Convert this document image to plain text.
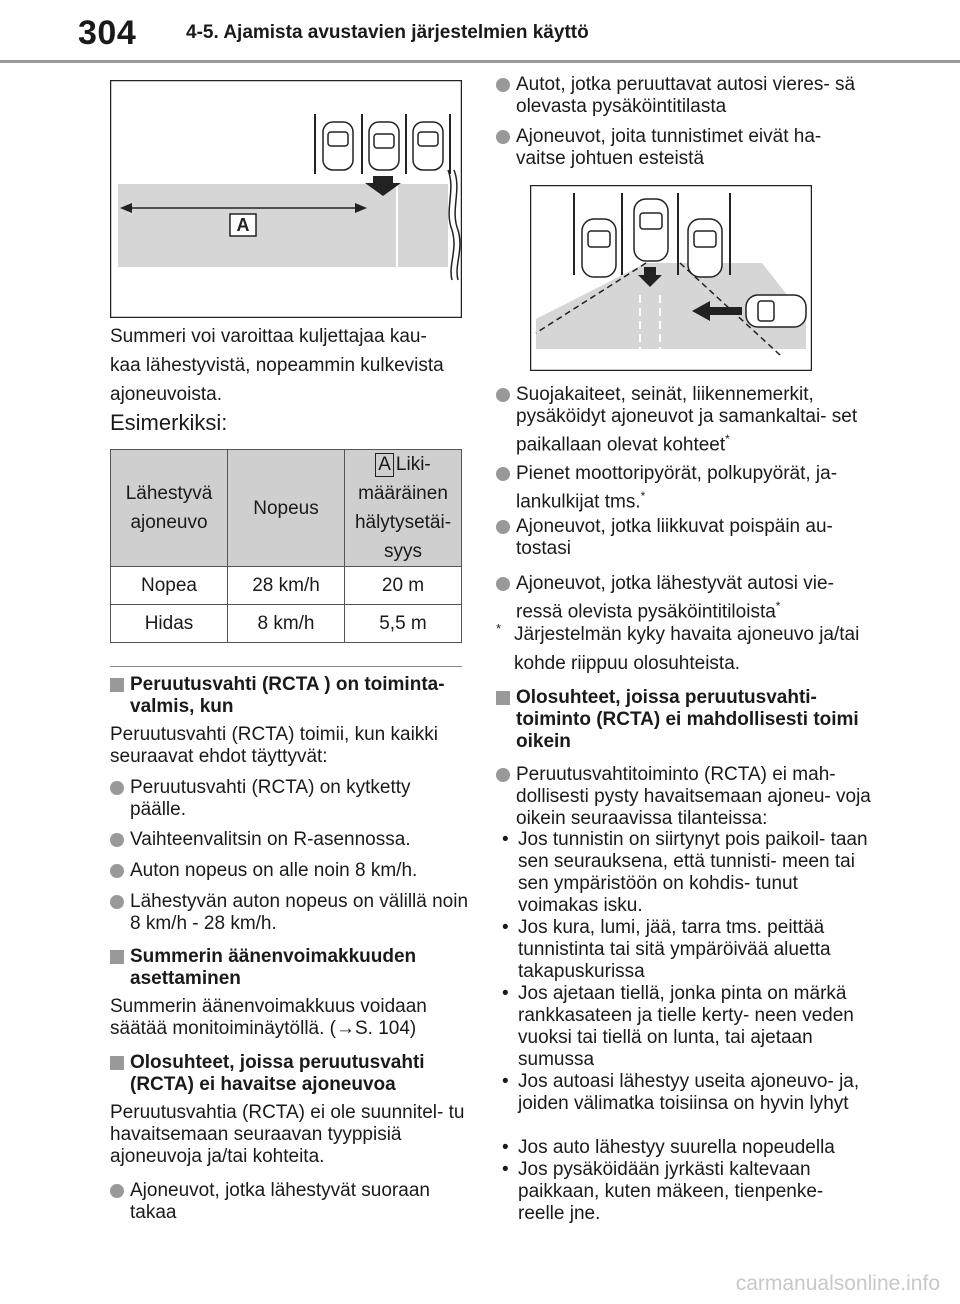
304	4-5. Ajamista avustavien järjestelmien käyttö
A
Summeri voi varoittaa kuljettajaa kau-
kaa lähestyvistä, nopeammin kulkevista
ajoneuvoista.
Esimerkiksi:
Lähestyvä ajoneuvo	Nopeus	A Liki- määräinen hälytysetäi- syys
Nopea	28 km/h	20 m
Hidas	8 km/h	5,5 m
Peruutusvahti (RCTA ) on toiminta- valmis, kun
Peruutusvahti (RCTA) toimii, kun kaikki seuraavat ehdot täyttyvät:
Peruutusvahti (RCTA) on kytketty päälle.
Vaihteenvalitsin on R-asennossa.
Auton nopeus on alle noin 8 km/h.
Lähestyvän auton nopeus on välillä noin 8 km/h - 28 km/h.
Summerin äänenvoimakkuuden asettaminen
Summerin äänenvoimakkuus voidaan säätää monitoiminäytöllä. (→S. 104)
Olosuhteet, joissa peruutusvahti (RCTA) ei havaitse ajoneuvoa
Peruutusvahtia (RCTA) ei ole suunnitel- tu havaitsemaan seuraavan tyyppisiä ajoneuvoja ja/tai kohteita.
Ajoneuvot, jotka lähestyvät suoraan takaa
Autot, jotka peruuttavat autosi vieres- sä olevasta pysäköintitilasta
Ajoneuvot, joita tunnistimet eivät ha- vaitse johtuen esteistä
Suojakaiteet, seinät, liikennemerkit, pysäköidyt ajoneuvot ja samankaltai- set paikallaan olevat kohteet*
Pienet moottoripyörät, polkupyörät, ja- lankulkijat tms.*
Ajoneuvot, jotka liikkuvat poispäin au- tostasi
Ajoneuvot, jotka lähestyvät autosi vie- ressä olevista pysäköintitiloista*
* Järjestelmän kyky havaita ajoneuvo ja/tai kohde riippuu olosuhteista.
Olosuhteet, joissa peruutusvahti- toiminto (RCTA) ei mahdollisesti toimi oikein
Peruutusvahtitoiminto (RCTA) ei mah- dollisesti pysty havaitsemaan ajoneu- voja oikein seuraavissa tilanteissa:
• Jos tunnistin on siirtynyt pois paikoil- taan sen seurauksena, että tunnisti- meen tai sen ympäristöön on kohdis- tunut voimakas isku.
• Jos kura, lumi, jää, tarra tms. peittää tunnistinta tai sitä ympäröivää aluetta takapuskurissa
• Jos ajetaan tiellä, jonka pinta on märkä rankkasateen ja tielle kerty- neen veden vuoksi tai tiellä on lunta, tai ajetaan sumussa
• Jos autoasi lähestyy useita ajoneuvo- ja, joiden välimatka toisiinsa on hyvin lyhyt
• Jos auto lähestyy suurella nopeudella
• Jos pysäköidään jyrkästi kaltevaan paikkaan, kuten mäkeen, tienpenke- reelle jne.
carmanualsonline.info
